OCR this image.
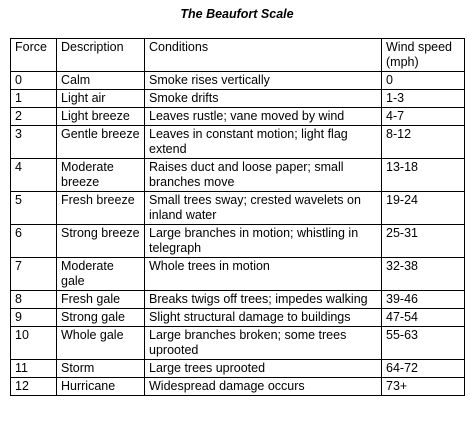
The Beaufort Scale
Force	Description	Conditions	Wind speed (mph)
0	Calm	Smoke rises vertically	0
1	Light air	Smoke drifts	1-3
2	Light breeze	Leaves rustle; vane moved by wind	4-7
3	Gentle breeze	Leaves in constant motion; light flag extend	8-12
4	Moderate breeze	Raises duct and loose paper; small branches move	13-18
5	Fresh breeze	Small trees sway; crested wavelets on inland water	19-24
6	Strong breeze	Large branches in motion; whistling in telegraph	25-31
7	Moderate gale	Whole trees in motion	32-38
8	Fresh gale	Breaks twigs off trees; impedes walking	39-46
9	Strong gale	Slight structural damage to buildings	47-54
10	Whole gale	Large branches broken; some trees uprooted	55-63
11	Storm	Large trees uprooted	64-72
12	Hurricane	Widespread damage occurs	73+
